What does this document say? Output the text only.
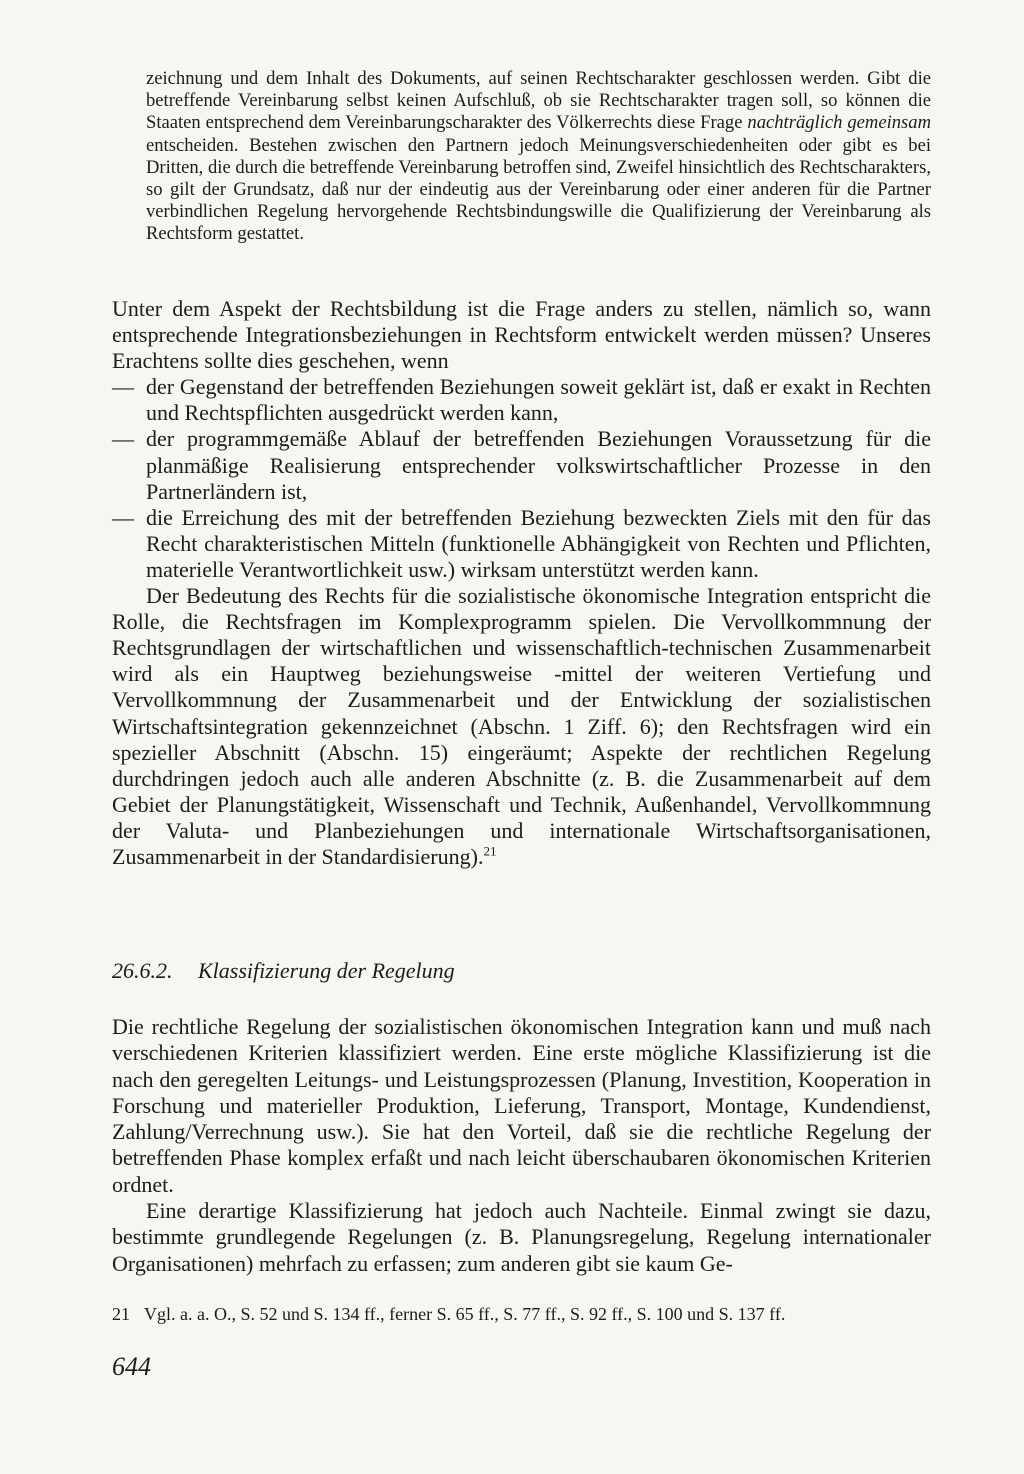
zeichnung und dem Inhalt des Dokuments, auf seinen Rechtscharakter geschlossen werden. Gibt die betreffende Vereinbarung selbst keinen Aufschluß, ob sie Rechtscharakter tragen soll, so können die Staaten entsprechend dem Vereinbarungscharakter des Völkerrechts diese Frage nachträglich gemeinsam entscheiden. Bestehen zwischen den Partnern jedoch Meinungsverschiedenheiten oder gibt es bei Dritten, die durch die betreffende Vereinbarung betroffen sind, Zweifel hinsichtlich des Rechtscharakters, so gilt der Grundsatz, daß nur der eindeutig aus der Vereinbarung oder einer anderen für die Partner verbindlichen Regelung hervorgehende Rechtsbindungswille die Qualifizierung der Vereinbarung als Rechtsform gestattet.

Unter dem Aspekt der Rechtsbildung ist die Frage anders zu stellen, nämlich so, wann entsprechende Integrationsbeziehungen in Rechtsform entwickelt werden müssen? Unseres Erachtens sollte dies geschehen, wenn

— der Gegenstand der betreffenden Beziehungen soweit geklärt ist, daß er exakt in Rechten und Rechtspflichten ausgedrückt werden kann,
— der programmgemäße Ablauf der betreffenden Beziehungen Voraussetzung für die planmäßige Realisierung entsprechender volkswirtschaftlicher Prozesse in den Partnerländern ist,
— die Erreichung des mit der betreffenden Beziehung bezweckten Ziels mit den für das Recht charakteristischen Mitteln (funktionelle Abhängigkeit von Rechten und Pflichten, materielle Verantwortlichkeit usw.) wirksam unterstützt werden kann.

Der Bedeutung des Rechts für die sozialistische ökonomische Integration entspricht die Rolle, die Rechtsfragen im Komplexprogramm spielen. Die Vervollkommnung der Rechtsgrundlagen der wirtschaftlichen und wissenschaftlich-technischen Zusammenarbeit wird als ein Hauptweg beziehungsweise -mittel der weiteren Vertiefung und Vervollkommnung der Zusammenarbeit und der Entwicklung der sozialistischen Wirtschaftsintegration gekennzeichnet (Abschn. 1 Ziff. 6); den Rechtsfragen wird ein spezieller Abschnitt (Abschn. 15) eingeräumt; Aspekte der rechtlichen Regelung durchdringen jedoch auch alle anderen Abschnitte (z. B. die Zusammenarbeit auf dem Gebiet der Planungstätigkeit, Wissenschaft und Technik, Außenhandel, Vervollkommnung der Valuta- und Planbeziehungen und internationale Wirtschaftsorganisationen, Zusammenarbeit in der Standardisierung).$^{21}$

26.6.2. Klassifizierung der Regelung

Die rechtliche Regelung der sozialistischen ökonomischen Integration kann und muß nach verschiedenen Kriterien klassifiziert werden. Eine erste mögliche Klassifizierung ist die nach den geregelten Leitungs- und Leistungsprozessen (Planung, Investition, Kooperation in Forschung und materieller Produktion, Lieferung, Transport, Montage, Kundendienst, Zahlung/Verrechnung usw.). Sie hat den Vorteil, daß sie die rechtliche Regelung der betreffenden Phase komplex erfaßt und nach leicht überschaubaren ökonomischen Kriterien ordnet.

Eine derartige Klassifizierung hat jedoch auch Nachteile. Einmal zwingt sie dazu, bestimmte grundlegende Regelungen (z. B. Planungsregelung, Regelung internationaler Organisationen) mehrfach zu erfassen; zum anderen gibt sie kaum Ge-

21 Vgl. a. a. O., S. 52 und S. 134 ff., ferner S. 65 ff., S. 77 ff., S. 92 ff., S. 100 und S. 137 ff.
644
